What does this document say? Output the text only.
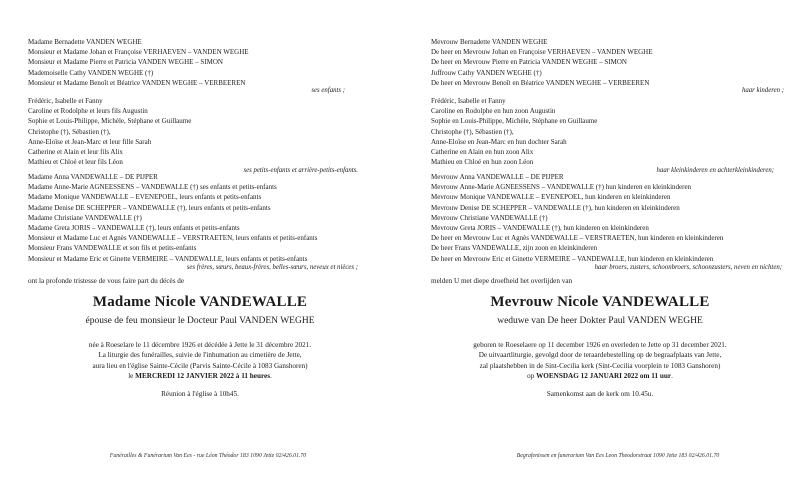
Madame Bernadette VANDEN WEGHE
Monsieur et Madame Johan et Françoise VERHAEVEN – VANDEN WEGHE
Monsieur et Madame Pierre et Patricia VANDEN WEGHE – SIMON
Mademoiselle Cathy VANDEN WEGHE (†)
Monsieur et Madame Benoît et Béatrice VANDEN WEGHE – VERBEEREN
ses enfants ;
Frédéric, Isabelle et Fanny
Caroline et Rodolphe et leurs fils Augustin
Sophie et Louis-Philippe, Michèle, Stéphane et Guillaume
Christophe (†), Sébastien (†),
Anne-Eloïse et Jean-Marc et leur fille Sarah
Catherine et Alain et leur fils Alix
Mathieu et Chloé et leur fils Léon
ses petits-enfants et arrière-petits-enfants.
Madame Anna VANDEWALLE – DE PIJPER
Madame Anne-Marie AGNEESSENS – VANDEWALLE (†) ses enfants et petits-enfants
Madame Monique VANDEWALLE – EVENEPOEL, leurs enfants et petits-enfants
Madame Denise DE SCHEPPER – VANDEWALLE (†), leurs enfants et petits-enfants
Madame Christiane VANDEWALLE (†)
Madame Greta JORIS – VANDEWALLE (†), leurs enfants et petits-enfants
Monsieur et Madame Luc et Agnès VANDEWALLE – VERSTRAETEN, leurs enfants et petits-enfants
Monsieur Frans VANDEWALLE et son fils et petits-enfants
Monsieur et Madame Eric et Ginette VERMEIRE – VANDEWALLE, leurs enfants et petits-enfants
ses frères, sœurs, beaux-frères, belles-sœurs, neveux et nièces ;
ont la profonde tristesse de vous faire part du décès de
Madame Nicole VANDEWALLE
épouse de feu monsieur le Docteur Paul VANDEN WEGHE
née à Roeselare le 11 décembre 1926 et décédée à Jette le 31 décembre 2021.
La liturgie des funérailles, suivie de l'inhumation au cimetière de Jette,
aura lieu en l'église Sainte-Cécile (Parvis Sainte-Cécile à 1083 Ganshoren)
le MERCREDI 12 JANVIER 2022 à 11 heures.
Réunion à l'église à 10h45.
Funérailles & Funérarium Van Ees - rue Léon Théodor 183 1090 Jette 02/426.01.70
Mevrouw Bernadette VANDEN WEGHE
De heer en Mevrouw Johan en Françoise VERHAEVEN – VANDEN WEGHE
De heer en Mevrouw Pierre en Patricia VANDEN WEGHE – SIMON
Juffrouw Cathy VANDEN WEGHE (†)
De heer en Mevrouw Benoît en Béatrice VANDEN WEGHE – VERBEEREN
haar kinderen ;
Frédéric, Isabelle et Fanny
Caroline en Rodolphe en hun zoon Augustin
Sophie en Louis-Philippe, Michèle, Stéphane en Guillaume
Christophe (†), Sébastien (†),
Anne-Eloïse en Jean-Marc en hun dochter Sarah
Catherine en Alain en hun zoon Alix
Mathieu en Chloé en hun zoon Léon
haar kleinkinderen en achterkleinkinderen;
Mevrouw Anna VANDEWALLE – DE PIJPER
Mevrouw Anne-Marie AGNEESSENS – VANDEWALLE (†) hun kinderen en kleinkinderen
Mevrouw Monique VANDEWALLE – EVENEPOEL, hun kinderen en kleinkinderen
Mevrouw Denise DE SCHEPPER – VANDEWALLE (†), hun kinderen en kleinkinderen
Mevrouw Christiane VANDEWALLE (†)
Mevrouw Greta JORIS – VANDEWALLE (†), hun kinderen en kleinkinderen
De heer en Mevrouw Luc et Agnès VANDEWALLE – VERSTRAETEN, hun kinderen en kleinkinderen
De heer Frans VANDEWALLE, zijn zoon en kleinkinderen
De heer en Mevrouw Eric et Ginette VERMEIRE – VANDEWALLE, hun kinderen en kleinkinderen
haar broers, zusters, schoonbroers, schoonzusters, neven en nichten;
melden U met diepe droefheid het overlijden van
Mevrouw Nicole VANDEWALLE
weduwe van De heer Dokter Paul VANDEN WEGHE
geboren te Roeselaere op 11 december 1926 en overleden te Jette op 31 december 2021.
De uitvaartliturgie, gevolgd door de teraardebestelling op de begraafplaats van Jette,
zal plaatshebben in de Sint-Cecilia kerk (Sint-Cecilia voorplein te 1083 Ganshoren)
op WOENSDAG 12 JANUARI 2022 om 11 uur.
Samenkomst aan de kerk om 10.45u.
Begrafenissen en funerarium Van Ees Leon Theodorstraat 1090 Jette 183 02/426.01.70
